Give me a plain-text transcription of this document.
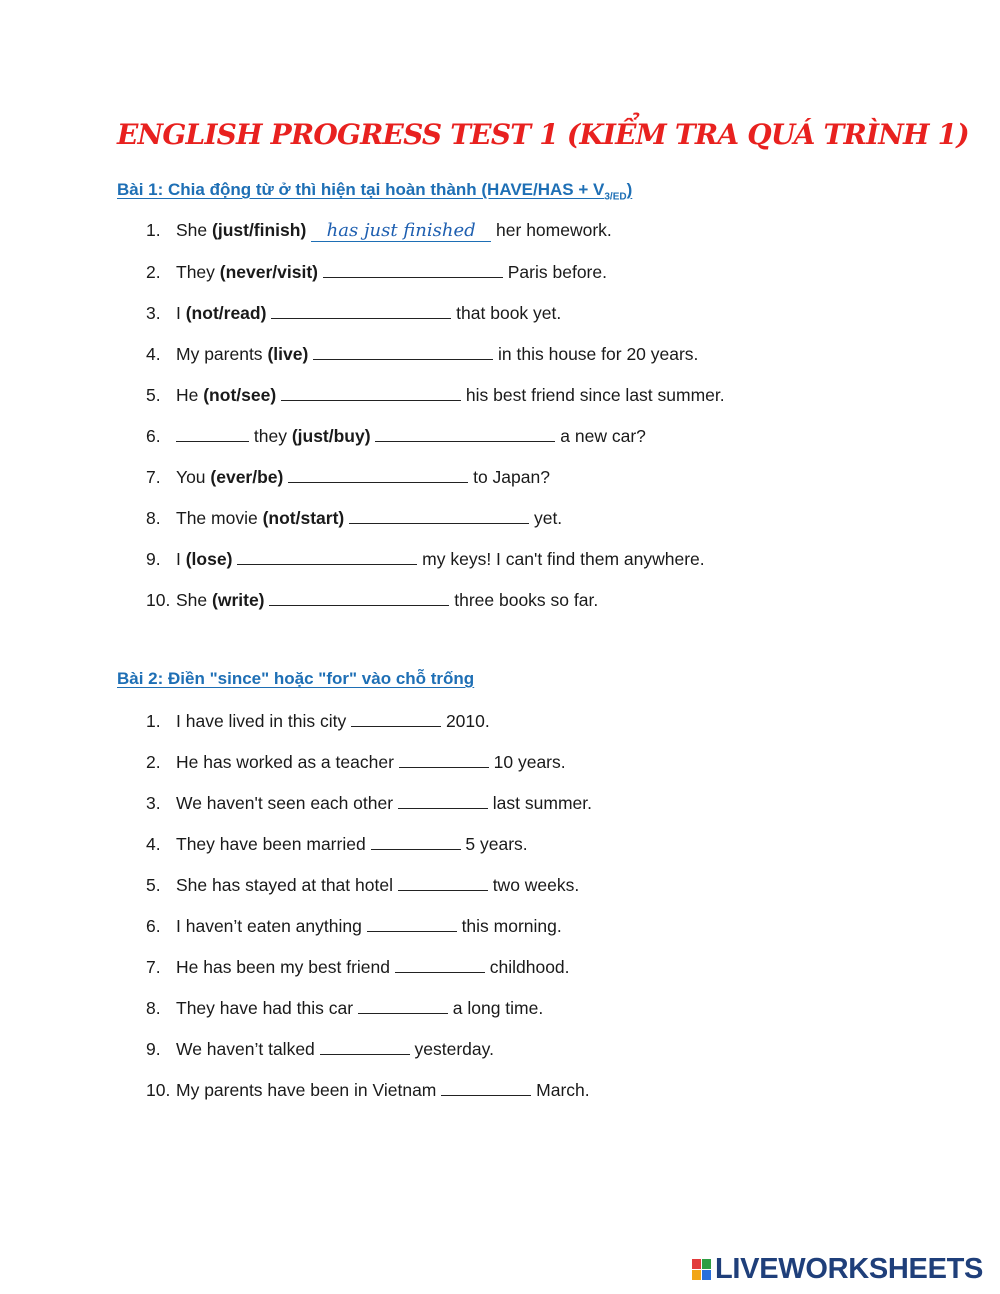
ENGLISH PROGRESS TEST 1 (KIỂM TRA QUÁ TRÌNH 1)
Bài 1: Chia động từ ở thì hiện tại hoàn thành (HAVE/HAS + $V_{3/ED}$)
1. She (just/finish) has just finished her homework.
2. They (never/visit)	Paris before.
3. I (not/read)	that book yet.
4. My parents (live)	in this house for 20 years.
5. He (not/see)	his best friend since last summer.
6.	they (just/buy)	a new car?
7. You (ever/be)	to Japan?
8. The movie (not/start)	yet.
9. I (lose)	my keys! I can't find them anywhere.
10. She (write)	three books so far.
Bài 2: Điền "since" hoặc "for" vào chỗ trống
1. I have lived in this city	2010.
2. He has worked as a teacher	10 years.
3. We haven't seen each other	last summer.
4. They have been married	5 years.
5. She has stayed at that hotel	two weeks.
6. I haven’t eaten anything	this morning.
7. He has been my best friend	childhood.
8. They have had this car	a long time.
9. We haven’t talked	yesterday.
10. My parents have been in Vietnam	March.
LIVEWORKSHEETS
